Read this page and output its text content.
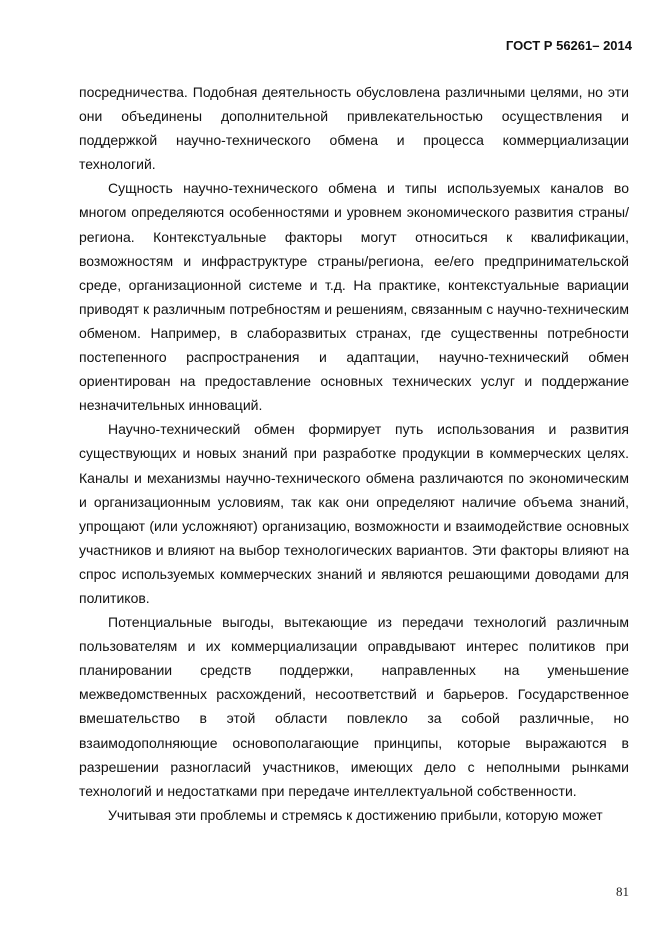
ГОСТ Р 56261– 2014

посредничества. Подобная деятельность обусловлена различными целями, но эти они объединены дополнительной привлекательностью осуществления и поддержкой научно-технического обмена и процесса коммерциализации технологий.

Сущность научно-технического обмена и типы используемых каналов во многом определяются особенностями и уровнем экономического развития страны/региона. Контекстуальные факторы могут относиться к квалификации, возможностям и инфраструктуре страны/региона, ее/его предпринимательской среде, организационной системе и т.д. На практике, контекстуальные вариации приводят к различным потребностям и решениям, связанным с научно-техническим обменом. Например, в слаборазвитых странах, где существенны потребности постепенного распространения и адаптации, научно-технический обмен ориентирован на предоставление основных технических услуг и поддержание незначительных инноваций.

Научно-технический обмен формирует путь использования и развития существующих и новых знаний при разработке продукции в коммерческих целях. Каналы и механизмы научно-технического обмена различаются по экономическим и организационным условиям, так как они определяют наличие объема знаний, упрощают (или усложняют) организацию, возможности и взаимодействие основных участников и влияют на выбор технологических вариантов. Эти факторы влияют на спрос используемых коммерческих знаний и являются решающими доводами для политиков.

Потенциальные выгоды, вытекающие из передачи технологий различным пользователям и их коммерциализации оправдывают интерес политиков при планировании средств поддержки, направленных на уменьшение межведомственных расхождений, несоответствий и барьеров. Государственное вмешательство в этой области повлекло за собой различные, но взаимодополняющие основополагающие принципы, которые выражаются в разрешении разногласий участников, имеющих дело с неполными рынками технологий и недостатками при передаче интеллектуальной собственности.

Учитывая эти проблемы и стремясь к достижению прибыли, которую может

81
